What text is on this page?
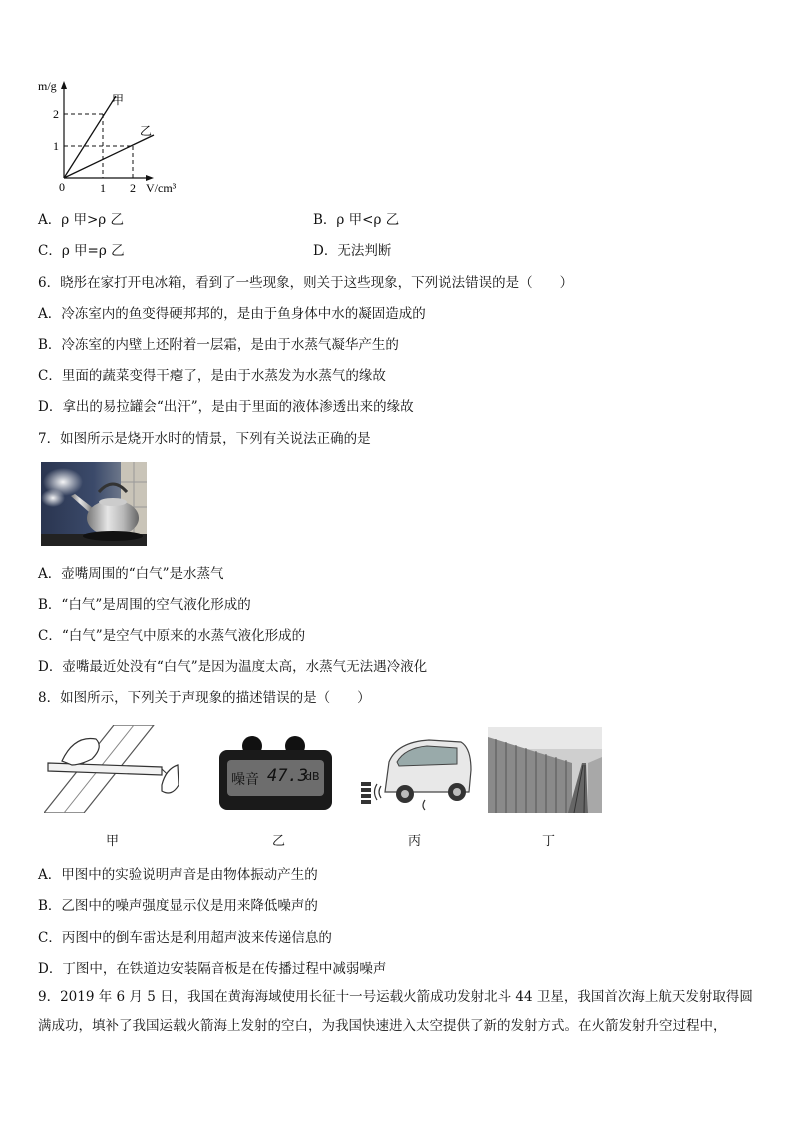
m/g
V/cm³
0	1 2
1
2
甲
乙
A．ρ 甲>ρ 乙	B．ρ 甲<ρ 乙
C．ρ 甲=ρ 乙	D．无法判断
6．晓彤在家打开电冰箱，看到了一些现象，则关于这些现象，下列说法错误的是（　　）
A．冷冻室内的鱼变得硬邦邦的，是由于鱼身体中水的凝固造成的
B．冷冻室的内壁上还附着一层霜，是由于水蒸气凝华产生的
C．里面的蔬菜变得干瘪了，是由于水蒸发为水蒸气的缘故
D．拿出的易拉罐会“出汗”，是由于里面的液体渗透出来的缘故
7．如图所示是烧开水时的情景，下列有关说法正确的是
A．壶嘴周围的“白气”是水蒸气
B．“白气”是周围的空气液化形成的
C．“白气”是空气中原来的水蒸气液化形成的
D．壶嘴最近处没有“白气”是因为温度太高，水蒸气无法遇冷液化
8．如图所示，下列关于声现象的描述错误的是（　　）
噪音 47.3
dB
甲	乙	丙	丁
A．甲图中的实验说明声音是由物体振动产生的
B．乙图中的噪声强度显示仪是用来降低噪声的
C．丙图中的倒车雷达是利用超声波来传递信息的
D．丁图中，在铁道边安装隔音板是在传播过程中减弱噪声
9．2019 年 6 月 5 日，我国在黄海海域使用长征十一号运载火箭成功发射北斗 44 卫星，我国首次海上航天发射取得圆满成功，填补了我国运载火箭海上发射的空白，为我国快速进入太空提供了新的发射方式。在火箭发射升空过程中，
